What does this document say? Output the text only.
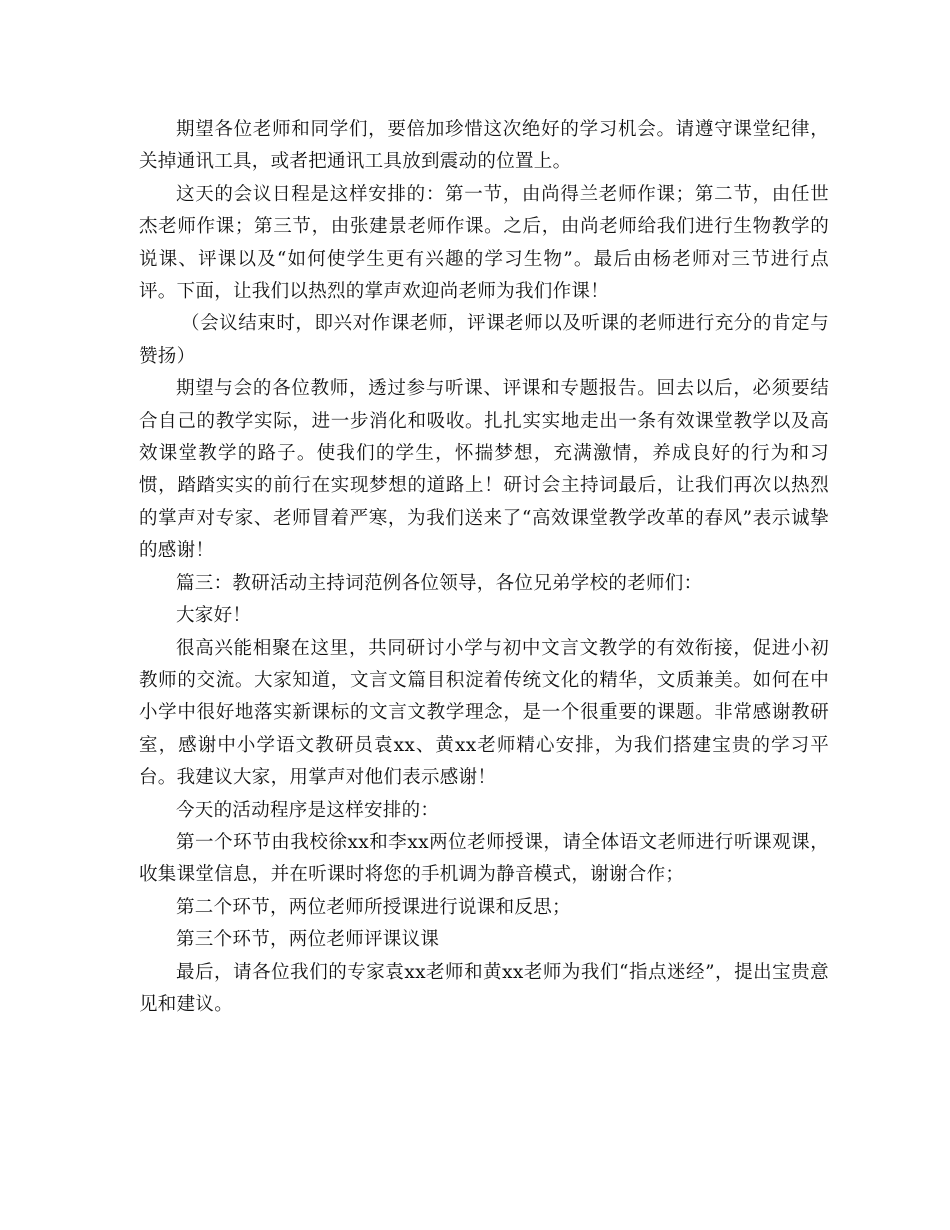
期望各位老师和同学们，要倍加珍惜这次绝好的学习机会。请遵守课堂纪律，关掉通讯工具，或者把通讯工具放到震动的位置上。

这天的会议日程是这样安排的：第一节，由尚得兰老师作课；第二节，由任世杰老师作课；第三节，由张建景老师作课。之后，由尚老师给我们进行生物教学的说课、评课以及“如何使学生更有兴趣的学习生物”。最后由杨老师对三节进行点评。下面，让我们以热烈的掌声欢迎尚老师为我们作课！

（会议结束时，即兴对作课老师，评课老师以及听课的老师进行充分的肯定与赞扬）

期望与会的各位教师，透过参与听课、评课和专题报告。回去以后，必须要结合自己的教学实际，进一步消化和吸收。扎扎实实地走出一条有效课堂教学以及高效课堂教学的路子。使我们的学生，怀揣梦想，充满激情，养成良好的行为和习惯，踏踏实实的前行在实现梦想的道路上！研讨会主持词最后，让我们再次以热烈的掌声对专家、老师冒着严寒，为我们送来了“高效课堂教学改革的春风”表示诚挚的感谢！

篇三：教研活动主持词范例各位领导，各位兄弟学校的老师们：

大家好！

很高兴能相聚在这里，共同研讨小学与初中文言文教学的有效衔接，促进小初教师的交流。大家知道，文言文篇目积淀着传统文化的精华，文质兼美。如何在中小学中很好地落实新课标的文言文教学理念，是一个很重要的课题。非常感谢教研室，感谢中小学语文教研员袁xx、黄xx老师精心安排，为我们搭建宝贵的学习平台。我建议大家，用掌声对他们表示感谢！

今天的活动程序是这样安排的：

第一个环节由我校徐xx和李xx两位老师授课，请全体语文老师进行听课观课，收集课堂信息，并在听课时将您的手机调为静音模式，谢谢合作；

第二个环节，两位老师所授课进行说课和反思；

第三个环节，两位老师评课议课

最后，请各位我们的专家袁xx老师和黄xx老师为我们“指点迷经”，提出宝贵意见和建议。
